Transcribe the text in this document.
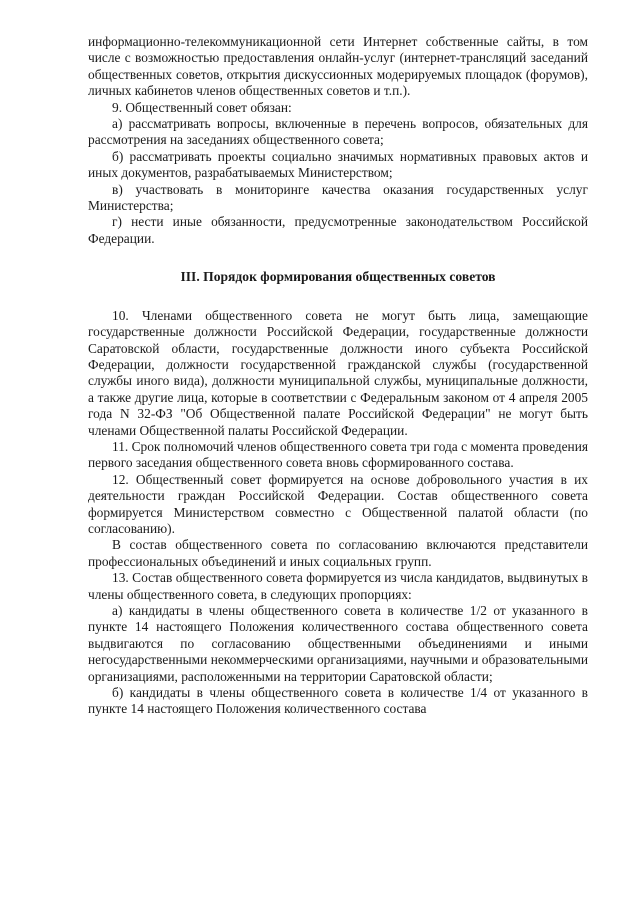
информационно-телекоммуникационной сети Интернет собственные сайты, в том числе с возможностью предоставления онлайн-услуг (интернет-трансляций заседаний общественных советов, открытия дискуссионных модерируемых площадок (форумов), личных кабинетов членов общественных советов и т.п.).

9. Общественный совет обязан:

а) рассматривать вопросы, включенные в перечень вопросов, обязательных для рассмотрения на заседаниях общественного совета;

б) рассматривать проекты социально значимых нормативных правовых актов и иных документов, разрабатываемых Министерством;

в) участвовать в мониторинге качества оказания государственных услуг Министерства;

г) нести иные обязанности, предусмотренные законодательством Российской Федерации.

III. Порядок формирования общественных советов

10. Членами общественного совета не могут быть лица, замещающие государственные должности Российской Федерации, государственные должности Саратовской области, государственные должности иного субъекта Российской Федерации, должности государственной гражданской службы (государственной службы иного вида), должности муниципальной службы, муниципальные должности, а также другие лица, которые в соответствии с Федеральным законом от 4 апреля 2005 года N 32-ФЗ "Об Общественной палате Российской Федерации" не могут быть членами Общественной палаты Российской Федерации.

11. Срок полномочий членов общественного совета три года с момента проведения первого заседания общественного совета вновь сформированного состава.

12. Общественный совет формируется на основе добровольного участия в их деятельности граждан Российской Федерации. Состав общественного совета формируется Министерством совместно с Общественной палатой области (по согласованию).

В состав общественного совета по согласованию включаются представители профессиональных объединений и иных социальных групп.

13. Состав общественного совета формируется из числа кандидатов, выдвинутых в члены общественного совета, в следующих пропорциях:

а) кандидаты в члены общественного совета в количестве 1/2 от указанного в пункте 14 настоящего Положения количественного состава общественного совета выдвигаются по согласованию общественными объединениями и иными негосударственными некоммерческими организациями, научными и образовательными организациями, расположенными на территории Саратовской области;

б) кандидаты в члены общественного совета в количестве 1/4 от указанного в пункте 14 настоящего Положения количественного состава
